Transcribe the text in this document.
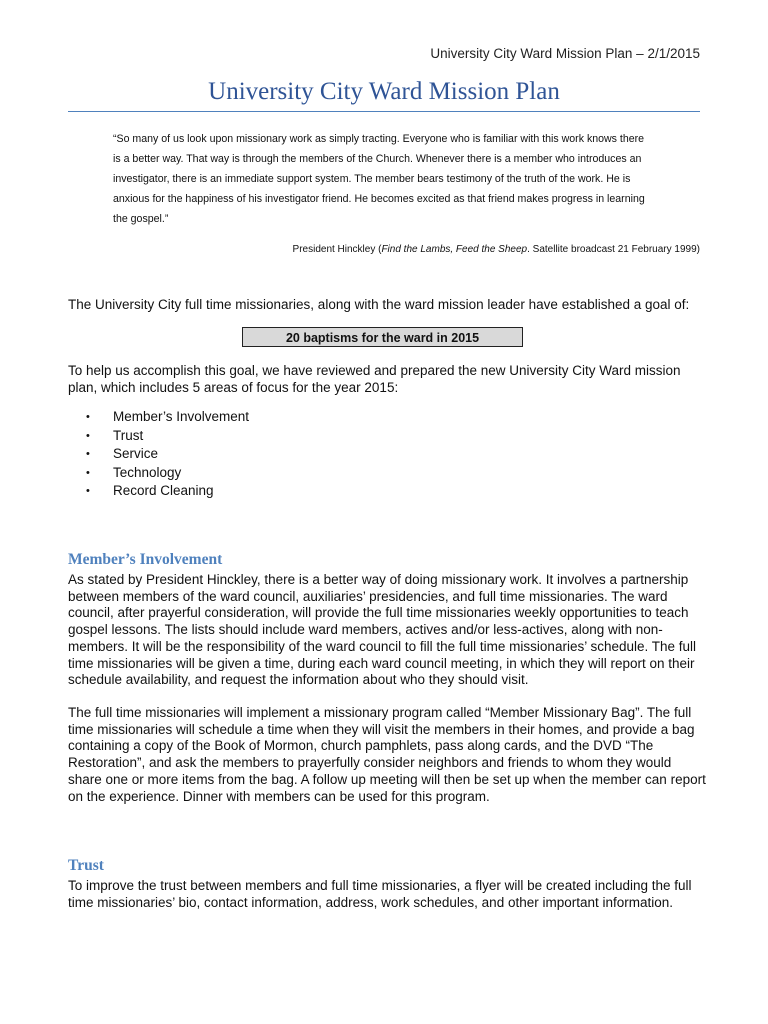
University City Ward Mission Plan – 2/1/2015
University City Ward Mission Plan

“So many of us look upon missionary work as simply tracting. Everyone who is familiar with this work knows there is a better way. That way is through the members of the Church. Whenever there is a member who introduces an investigator, there is an immediate support system. The member bears testimony of the truth of the work. He is anxious for the happiness of his investigator friend. He becomes excited as that friend makes progress in learning the gospel.”

President Hinckley (Find the Lambs, Feed the Sheep. Satellite broadcast 21 February 1999)

The University City full time missionaries, along with the ward mission leader have established a goal of:

20 baptisms for the ward in 2015

To help us accomplish this goal, we have reviewed and prepared the new University City Ward mission plan, which includes 5 areas of focus for the year 2015:

• Member’s Involvement
• Trust
• Service
• Technology
• Record Cleaning
Member’s Involvement

As stated by President Hinckley, there is a better way of doing missionary work. It involves a partnership between members of the ward council, auxiliaries’ presidencies, and full time missionaries. The ward council, after prayerful consideration, will provide the full time missionaries weekly opportunities to teach gospel lessons. The lists should include ward members, actives and/or less-actives, along with non-members. It will be the responsibility of the ward council to fill the full time missionaries’ schedule. The full time missionaries will be given a time, during each ward council meeting, in which they will report on their schedule availability, and request the information about who they should visit.

The full time missionaries will implement a missionary program called “Member Missionary Bag”. The full time missionaries will schedule a time when they will visit the members in their homes, and provide a bag containing a copy of the Book of Mormon, church pamphlets, pass along cards, and the DVD “The Restoration”, and ask the members to prayerfully consider neighbors and friends to whom they would share one or more items from the bag. A follow up meeting will then be set up when the member can report on the experience. Dinner with members can be used for this program.

Trust

To improve the trust between members and full time missionaries, a flyer will be created including the full time missionaries’ bio, contact information, address, work schedules, and other important information.
